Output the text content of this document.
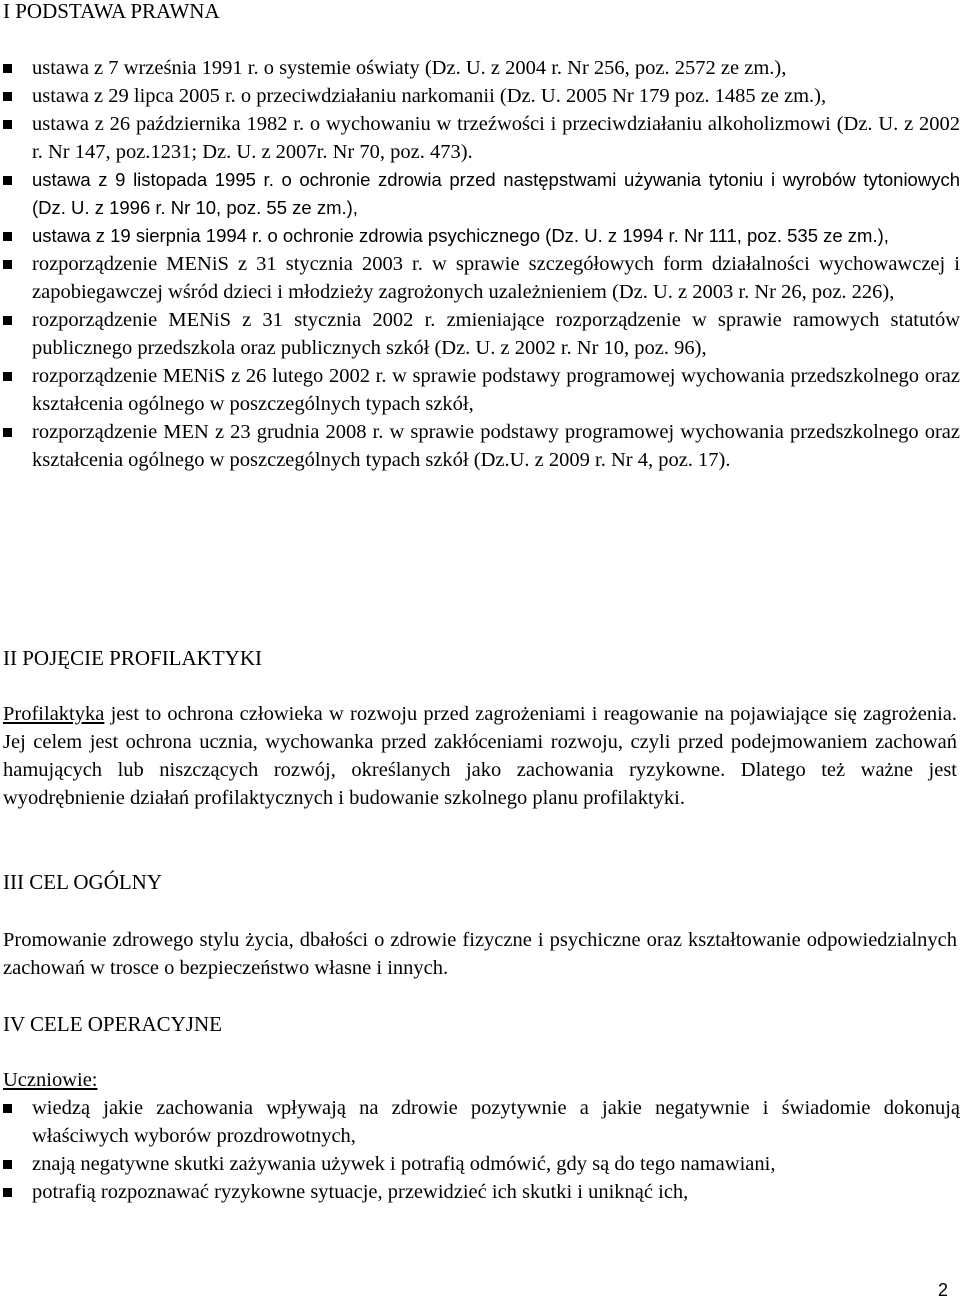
I PODSTAWA PRAWNA
ustawa z 7 września 1991 r. o systemie oświaty (Dz. U. z 2004 r. Nr 256, poz. 2572 ze zm.),
ustawa z 29 lipca 2005 r. o przeciwdziałaniu narkomanii (Dz. U. 2005 Nr 179 poz. 1485 ze zm.),
ustawa z 26 października 1982 r. o wychowaniu w trzeźwości i przeciwdziałaniu alkoholizmowi (Dz. U. z 2002 r. Nr 147, poz.1231; Dz. U. z 2007r. Nr 70, poz. 473).
ustawa z 9 listopada 1995 r. o ochronie zdrowia przed następstwami używania tytoniu i wyrobów tytoniowych (Dz. U. z 1996 r. Nr 10, poz. 55 ze zm.),
ustawa z 19 sierpnia 1994 r. o ochronie zdrowia psychicznego (Dz. U. z 1994 r. Nr 111, poz. 535 ze zm.),
rozporządzenie MENiS z 31 stycznia 2003 r. w sprawie szczegółowych form działalności wychowawczej i zapobiegawczej wśród dzieci i młodzieży zagrożonych uzależnieniem (Dz. U. z 2003 r. Nr 26, poz. 226),
rozporządzenie MENiS z 31 stycznia 2002 r. zmieniające rozporządzenie w sprawie ramowych statutów publicznego przedszkola oraz publicznych szkół (Dz. U. z 2002 r. Nr 10, poz. 96),
rozporządzenie MENiS z 26 lutego 2002 r. w sprawie podstawy programowej wychowania przedszkolnego oraz kształcenia ogólnego w poszczególnych typach szkół,
rozporządzenie MEN z 23 grudnia 2008 r. w sprawie podstawy programowej wychowania przedszkolnego oraz kształcenia ogólnego w poszczególnych typach szkół (Dz.U. z 2009 r. Nr 4, poz. 17).
II POJĘCIE PROFILAKTYKI

Profilaktyka jest to ochrona człowieka w rozwoju przed zagrożeniami i reagowanie na pojawiające się zagrożenia. Jej celem jest ochrona ucznia, wychowanka przed zakłóceniami rozwoju, czyli przed podejmowaniem zachowań hamujących lub niszczących rozwój, określanych jako zachowania ryzykowne. Dlatego też ważne jest wyodrębnienie działań profilaktycznych i budowanie szkolnego planu profilaktyki.

III CEL OGÓLNY

Promowanie zdrowego stylu życia, dbałości o zdrowie fizyczne i psychiczne oraz kształtowanie odpowiedzialnych zachowań w trosce o bezpieczeństwo własne i innych.

IV CELE OPERACYJNE

Uczniowie:

wiedzą jakie zachowania wpływają na zdrowie pozytywnie a jakie negatywnie i świadomie dokonują właściwych wyborów prozdrowotnych,
znają negatywne skutki zażywania używek i potrafią odmówić, gdy są do tego namawiani,
potrafią rozpoznawać ryzykowne sytuacje, przewidzieć ich skutki i uniknąć ich,
2
